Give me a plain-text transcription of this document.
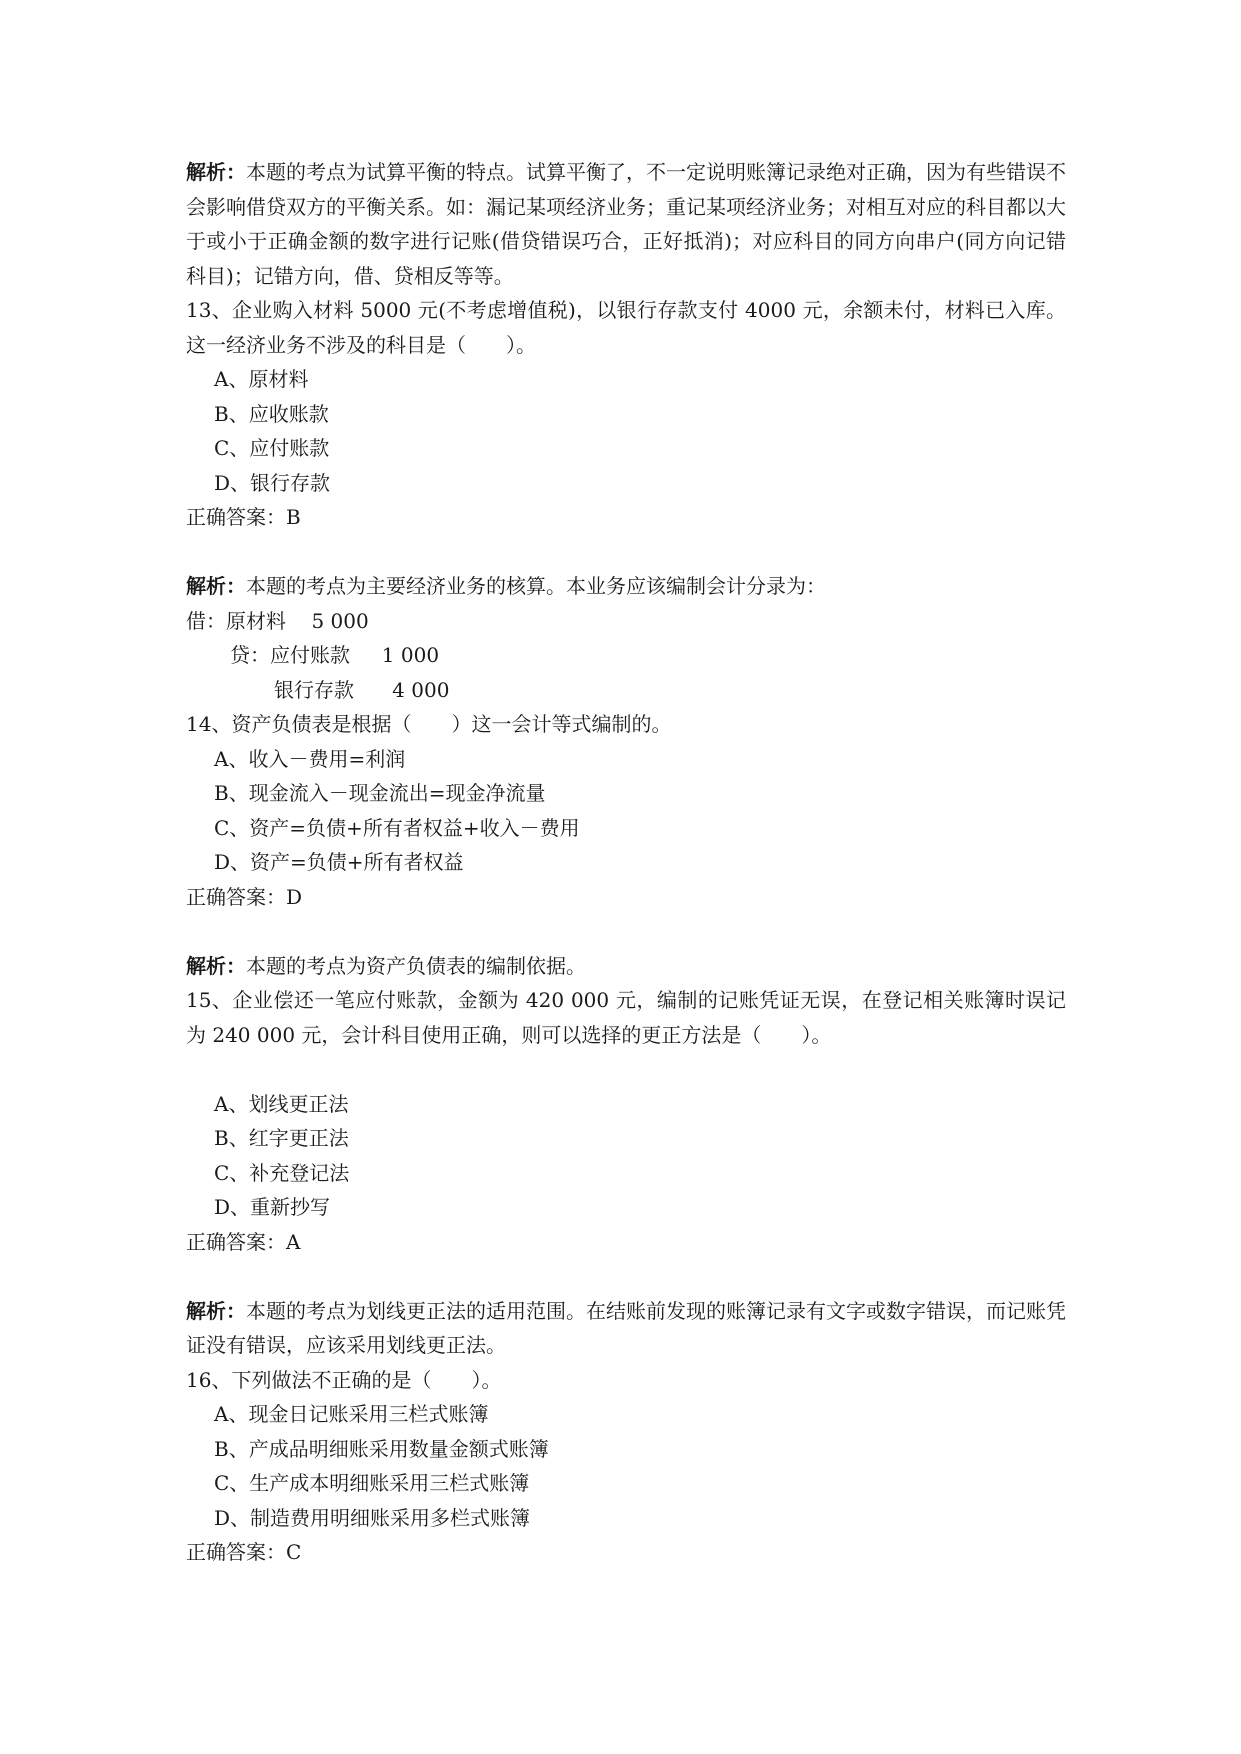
解析：本题的考点为试算平衡的特点。试算平衡了，不一定说明账簿记录绝对正确，因为有些错误不会影响借贷双方的平衡关系。如：漏记某项经济业务；重记某项经济业务；对相互对应的科目都以大于或小于正确金额的数字进行记账(借贷错误巧合，正好抵消)；对应科目的同方向串户(同方向记错科目)；记错方向，借、贷相反等等。
13、企业购入材料 5000 元(不考虑增值税)，以银行存款支付 4000 元，余额未付，材料已入库。这一经济业务不涉及的科目是（　　）。
A、原材料
B、应收账款
C、应付账款
D、银行存款
正确答案：B
解析：本题的考点为主要经济业务的核算。本业务应该编制会计分录为：
借：原材料 5 000
贷：应付账款 1 000
银行存款 4 000
14、资产负债表是根据（　　）这一会计等式编制的。
A、收入－费用=利润
B、现金流入－现金流出=现金净流量
C、资产=负债+所有者权益+收入－费用
D、资产=负债+所有者权益
正确答案：D
解析：本题的考点为资产负债表的编制依据。
15、企业偿还一笔应付账款，金额为 420 000 元，编制的记账凭证无误，在登记相关账簿时误记为 240 000 元，会计科目使用正确，则可以选择的更正方法是（　　）。
A、划线更正法
B、红字更正法
C、补充登记法
D、重新抄写
正确答案：A
解析：本题的考点为划线更正法的适用范围。在结账前发现的账簿记录有文字或数字错误，而记账凭证没有错误，应该采用划线更正法。
16、下列做法不正确的是（　　）。
A、现金日记账采用三栏式账簿
B、产成品明细账采用数量金额式账簿
C、生产成本明细账采用三栏式账簿
D、制造费用明细账采用多栏式账簿
正确答案：C
